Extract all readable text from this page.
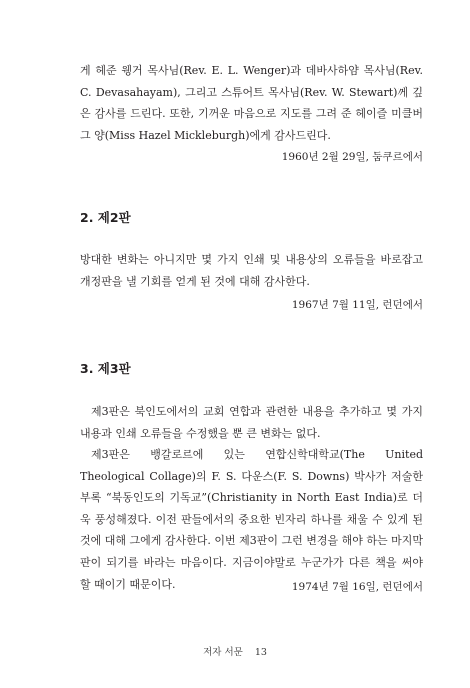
게 헤준 웽거 목사님(Rev. E. L. Wenger)과 데바사하얌 목사님(Rev. C. Devasahayam), 그리고 스튜어트 목사님(Rev. W. Stewart)께 깊은 감사를 드린다. 또한, 기꺼운 마음으로 지도를 그려 준 헤이즐 미클버그 양(Miss Hazel Mickleburgh)에게 감사드린다.

1960년 2월 29일, 둠쿠르에서

2. 제2판

방대한 변화는 아니지만 몇 가지 인쇄 및 내용상의 오류들을 바로잡고 개정판을 낼 기회를 얻게 된 것에 대해 감사한다.

1967년 7월 11일, 런던에서

3. 제3판

제3판은 북인도에서의 교회 연합과 관련한 내용을 추가하고 몇 가지 내용과 인쇄 오류들을 수정했을 뿐 큰 변화는 없다.

제3판은 뱅갈로르에 있는 연합신학대학교(The United Theological Collage)의 F. S. 다운스(F. S. Downs) 박사가 저술한 부록 “북동인도의 기독교”(Christianity in North East India)로 더욱 풍성해졌다. 이전 판들에서의 중요한 빈자리 하나를 채울 수 있게 된 것에 대해 그에게 감사한다. 이번 제3판이 그런 변경을 해야 하는 마지막 판이 되기를 바라는 마음이다. 지금이야말로 누군가가 다른 책을 써야 할 때이기 때문이다.	1974년 7월 16일, 런던에서

저자 서문 13
